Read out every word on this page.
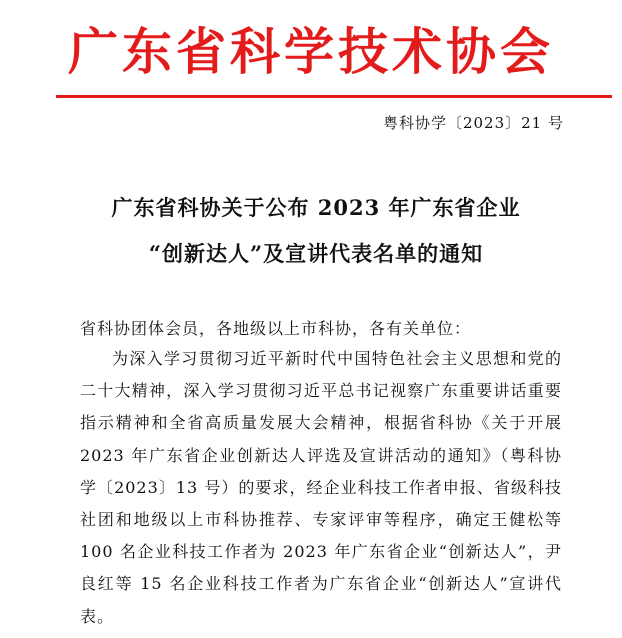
广东省科学技术协会
粤科协学〔2023〕21 号
广东省科协关于公布 2023 年广东省企业
“创新达人”及宣讲代表名单的通知
省科协团体会员，各地级以上市科协，各有关单位：
为深入学习贯彻习近平新时代中国特色社会主义思想和党的二十大精神，深入学习贯彻习近平总书记视察广东重要讲话重要指示精神和全省高质量发展大会精神，根据省科协《关于开展 2023 年广东省企业创新达人评选及宣讲活动的通知》（粤科协学〔2023〕13 号）的要求，经企业科技工作者申报、省级科技社团和地级以上市科协推荐、专家评审等程序，确定王健松等 100 名企业科技工作者为 2023 年广东省企业“创新达人”，尹良红等 15 名企业科技工作者为广东省企业“创新达人”宣讲代表。
